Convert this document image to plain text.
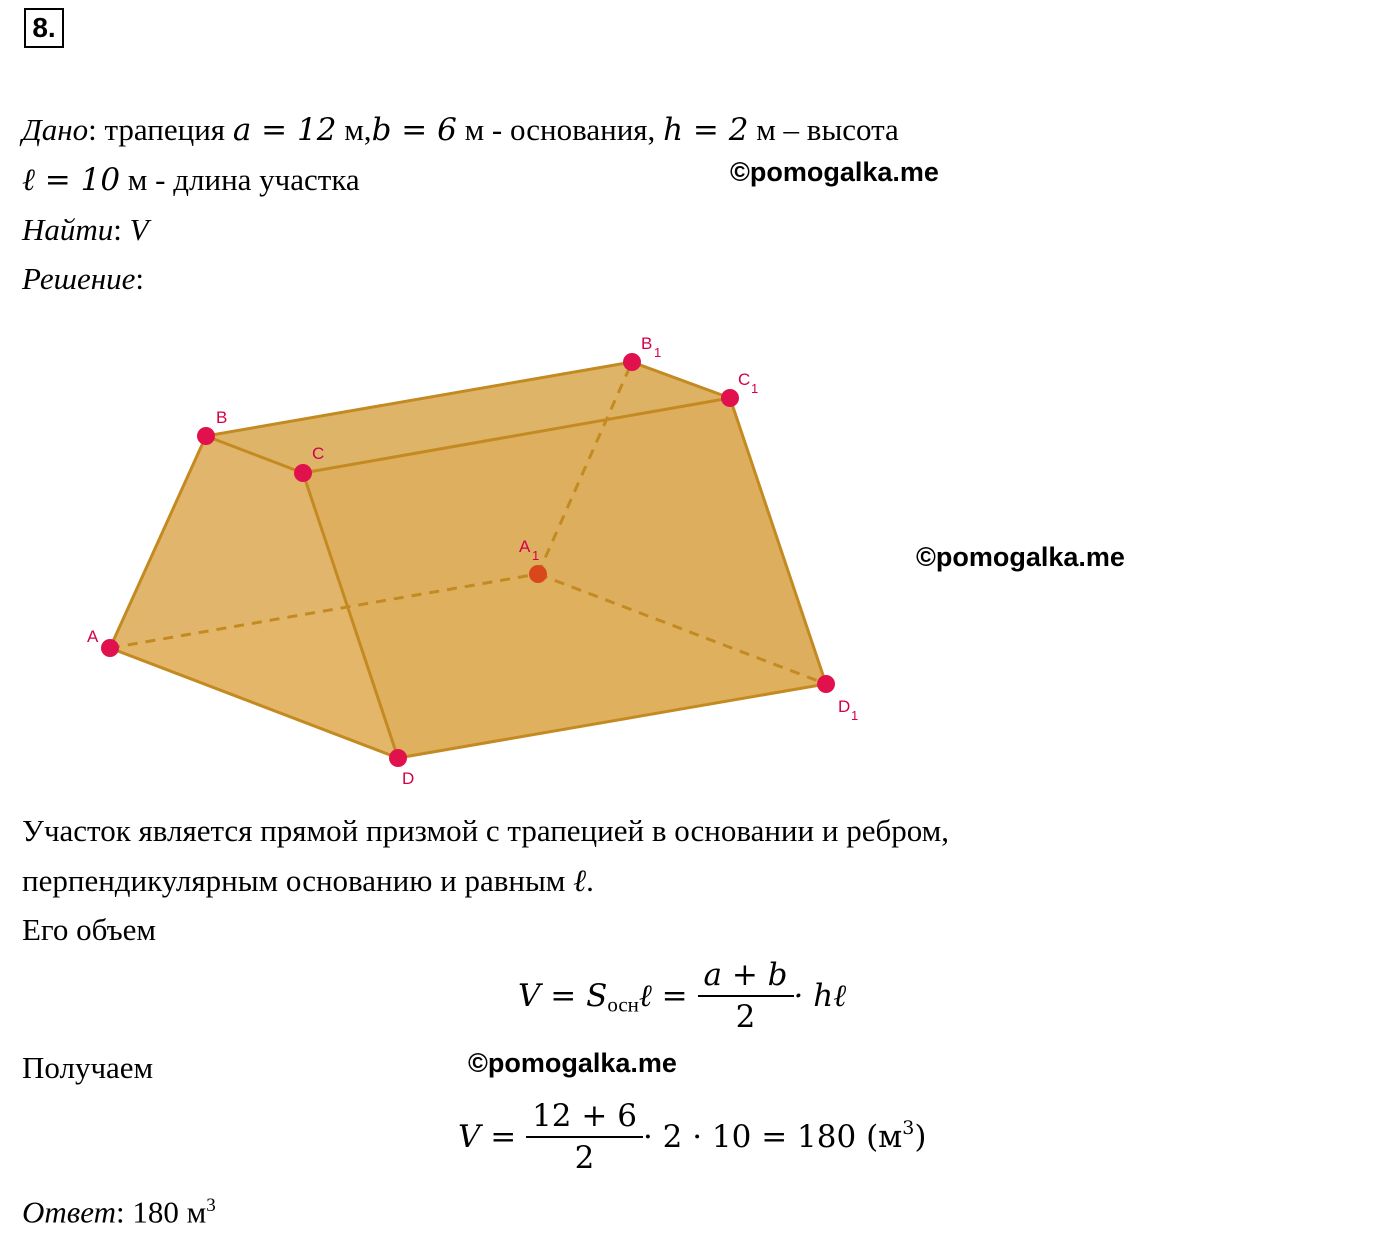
8.
Дано: трапеция a = 12 м,b = 6 м - основания, h = 2 м – высота
ℓ = 10 м - длина участка	©pomogalka.me
Найти: V
Решение:
A
B
C
D
A 1
B 1
C 1
D 1
©pomogalka.me
Участок является прямой призмой с трапецией в основании и ребром,
перпендикулярным основанию и равным ℓ.
Его объем
$V = S_{осн}\ell = \frac{a + b}{2}$ · hℓ
Получаем	©pomogalka.me
$V = \frac{12 + 6}{2} \cdot 2 \cdot 10 = 180$ $(м^3)$
Ответ: 180 $м^3$
